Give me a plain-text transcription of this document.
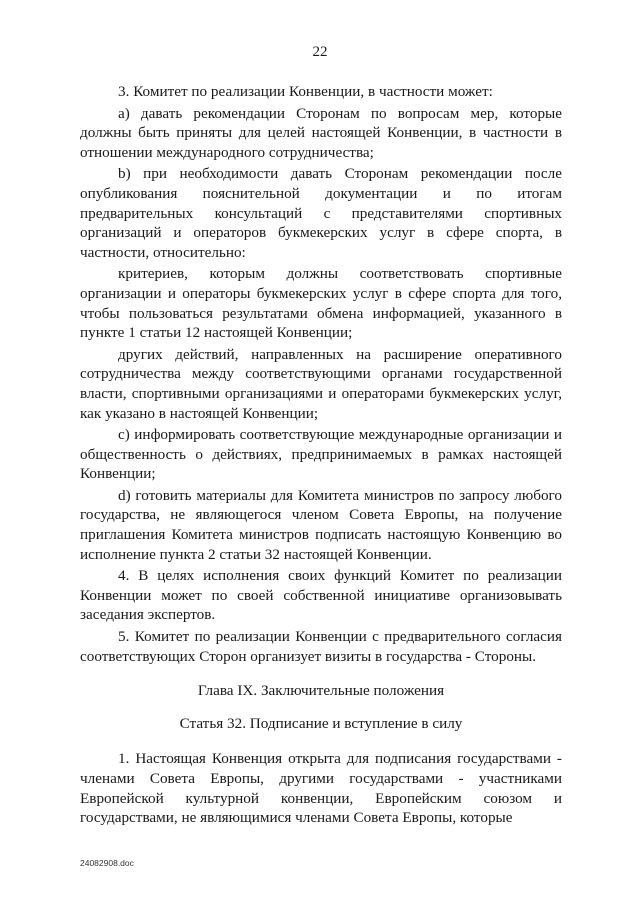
22

3. Комитет по реализации Конвенции, в частности может:

a) давать рекомендации Сторонам по вопросам мер, которые должны быть приняты для целей настоящей Конвенции, в частности в отношении международного сотрудничества;

b) при необходимости давать Сторонам рекомендации после опубликования пояснительной документации и по итогам предварительных консультаций с представителями спортивных организаций и операторов букмекерских услуг в сфере спорта, в частности, относительно:

критериев, которым должны соответствовать спортивные организации и операторы букмекерских услуг в сфере спорта для того, чтобы пользоваться результатами обмена информацией, указанного в пункте 1 статьи 12 настоящей Конвенции;

других действий, направленных на расширение оперативного сотрудничества между соответствующими органами государственной власти, спортивными организациями и операторами букмекерских услуг, как указано в настоящей Конвенции;

c) информировать соответствующие международные организации и общественность о действиях, предпринимаемых в рамках настоящей Конвенции;

d) готовить материалы для Комитета министров по запросу любого государства, не являющегося членом Совета Европы, на получение приглашения Комитета министров подписать настоящую Конвенцию во исполнение пункта 2 статьи 32 настоящей Конвенции.

4. В целях исполнения своих функций Комитет по реализации Конвенции может по своей собственной инициативе организовывать заседания экспертов.

5. Комитет по реализации Конвенции с предварительного согласия соответствующих Сторон организует визиты в государства - Стороны.

Глава IX. Заключительные положения

Статья 32. Подписание и вступление в силу

1. Настоящая Конвенция открыта для подписания государствами - членами Совета Европы, другими государствами - участниками Европейской культурной конвенции, Европейским союзом и государствами, не являющимися членами Совета Европы, которые

24082908.doc
